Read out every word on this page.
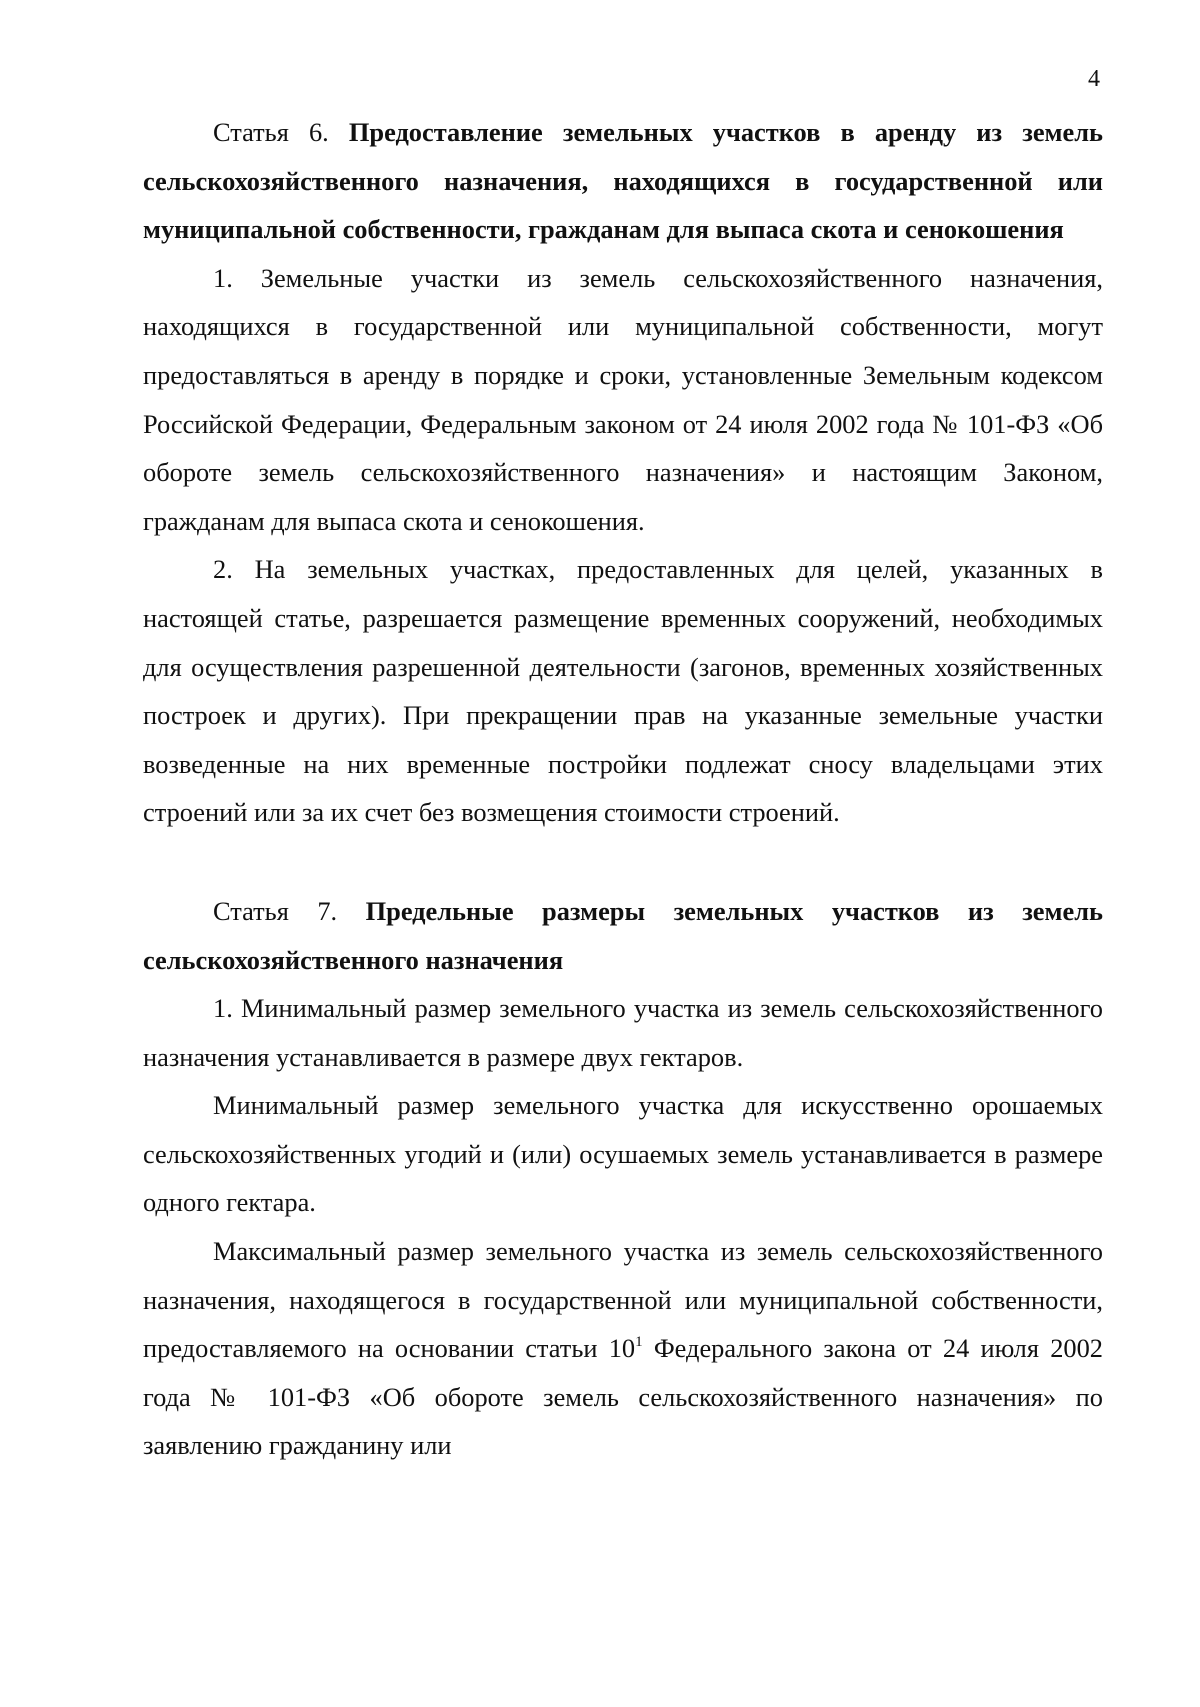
4

Статья 6. Предоставление земельных участков в аренду из земель сельскохозяйственного назначения, находящихся в государственной или муниципальной собственности, гражданам для выпаса скота и сенокошения

1. Земельные участки из земель сельскохозяйственного назначения, находящихся в государственной или муниципальной собственности, могут предоставляться в аренду в порядке и сроки, установленные Земельным кодексом Российской Федерации, Федеральным законом от 24 июля 2002 года № 101-ФЗ «Об обороте земель сельскохозяйственного назначения» и настоящим Законом, гражданам для выпаса скота и сенокошения.

2. На земельных участках, предоставленных для целей, указанных в настоящей статье, разрешается размещение временных сооружений, необходимых для осуществления разрешенной деятельности (загонов, временных хозяйственных построек и других). При прекращении прав на указанные земельные участки возведенные на них временные постройки подлежат сносу владельцами этих строений или за их счет без возмещения стоимости строений.

Статья 7. Предельные размеры земельных участков из земель сельскохозяйственного назначения

1. Минимальный размер земельного участка из земель сельскохозяйственного назначения устанавливается в размере двух гектаров.

Минимальный размер земельного участка для искусственно орошаемых сельскохозяйственных угодий и (или) осушаемых земель устанавливается в размере одного гектара.

Максимальный размер земельного участка из земель сельскохозяйственного назначения, находящегося в государственной или муниципальной собственности, предоставляемого на основании статьи $10^1$ Федерального закона от 24 июля 2002 года № 101-ФЗ «Об обороте земель сельскохозяйственного назначения» по заявлению гражданину или
